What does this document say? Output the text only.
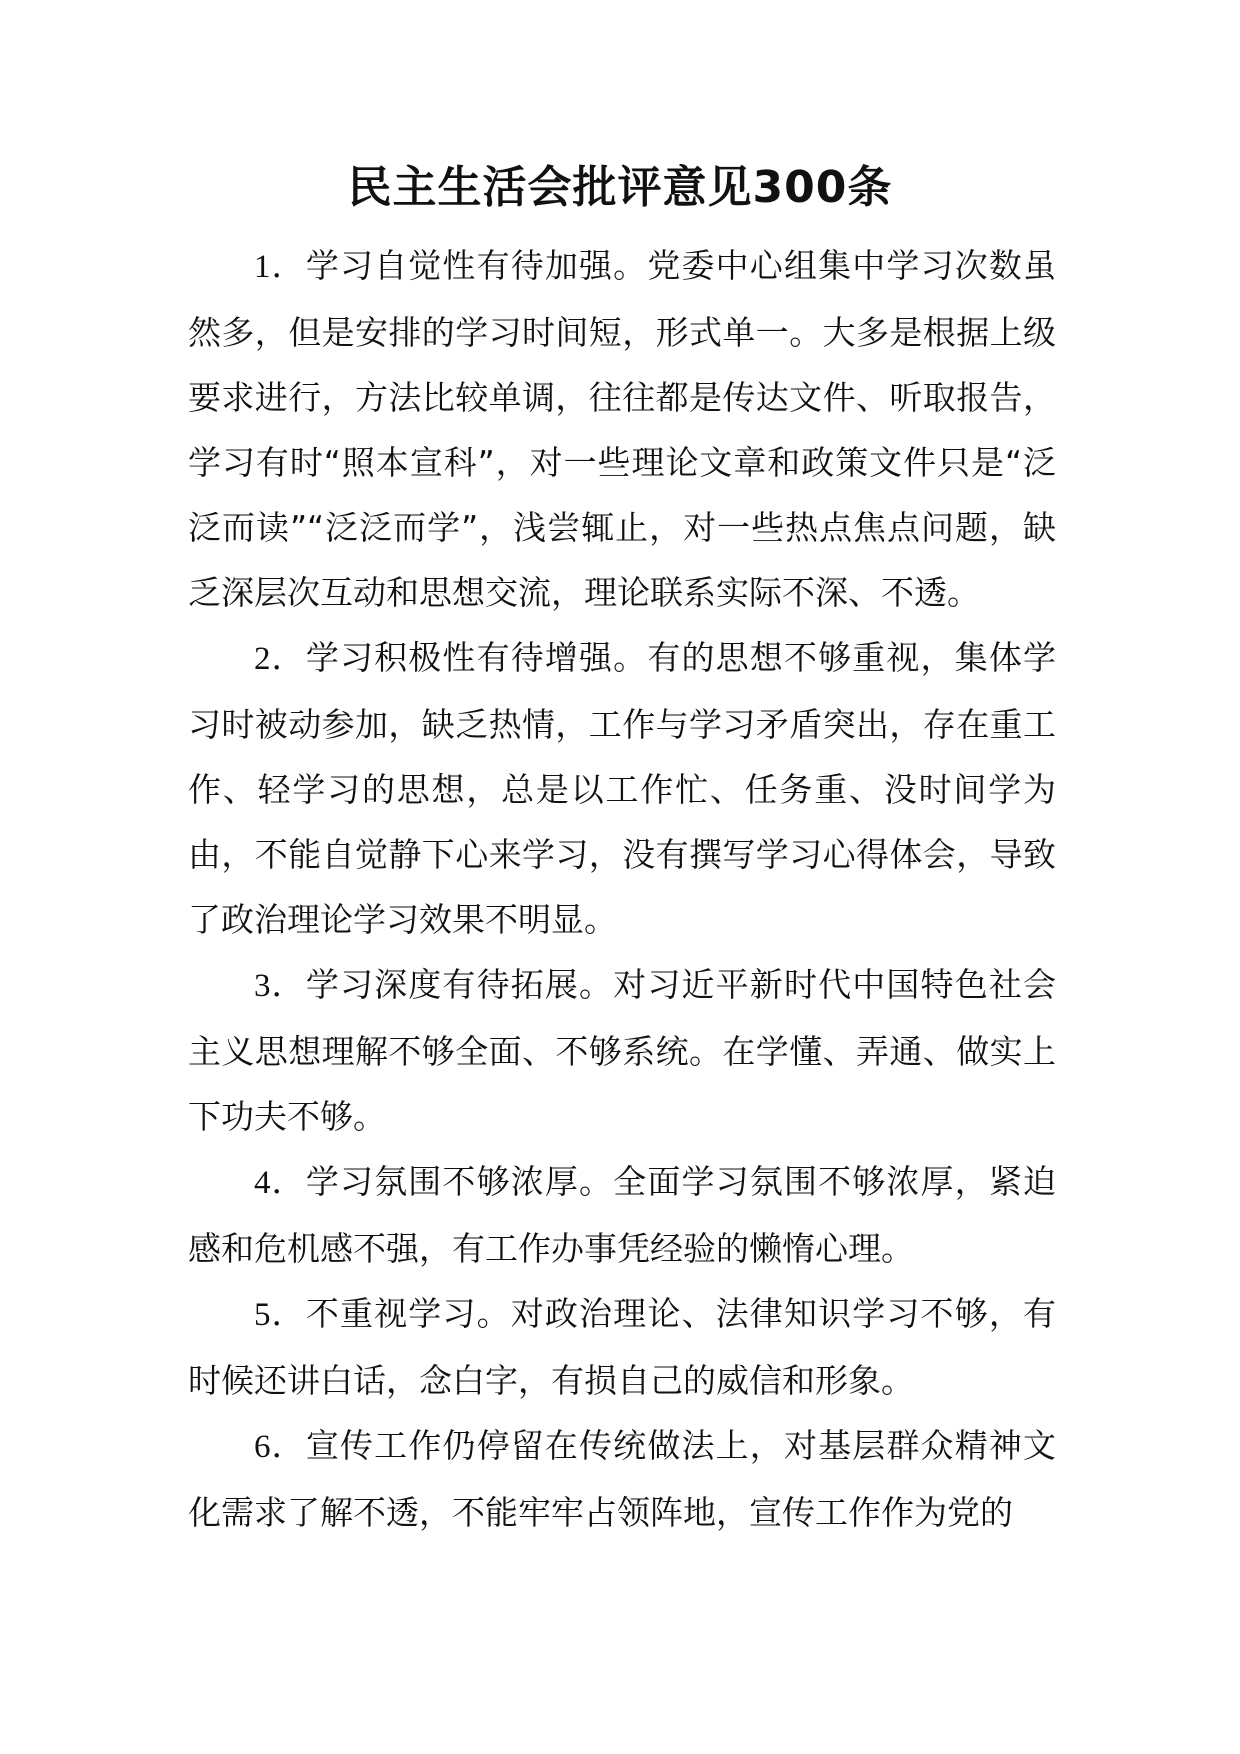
民主生活会批评意见300条

1．学习自觉性有待加强。党委中心组集中学习次数虽然多，但是安排的学习时间短，形式单一。大多是根据上级要求进行，方法比较单调，往往都是传达文件、听取报告，学习有时“照本宣科”，对一些理论文章和政策文件只是“泛泛而读”“泛泛而学”，浅尝辄止，对一些热点焦点问题，缺乏深层次互动和思想交流，理论联系实际不深、不透。

2．学习积极性有待增强。有的思想不够重视，集体学习时被动参加，缺乏热情，工作与学习矛盾突出，存在重工作、轻学习的思想，总是以工作忙、任务重、没时间学为由，不能自觉静下心来学习，没有撰写学习心得体会，导致了政治理论学习效果不明显。

3．学习深度有待拓展。对习近平新时代中国特色社会主义思想理解不够全面、不够系统。在学懂、弄通、做实上下功夫不够。

4．学习氛围不够浓厚。全面学习氛围不够浓厚，紧迫感和危机感不强，有工作办事凭经验的懒惰心理。

5．不重视学习。对政治理论、法律知识学习不够，有时候还讲白话，念白字，有损自己的威信和形象。

6．宣传工作仍停留在传统做法上，对基层群众精神文化需求了解不透，不能牢牢占领阵地，宣传工作作为党的
